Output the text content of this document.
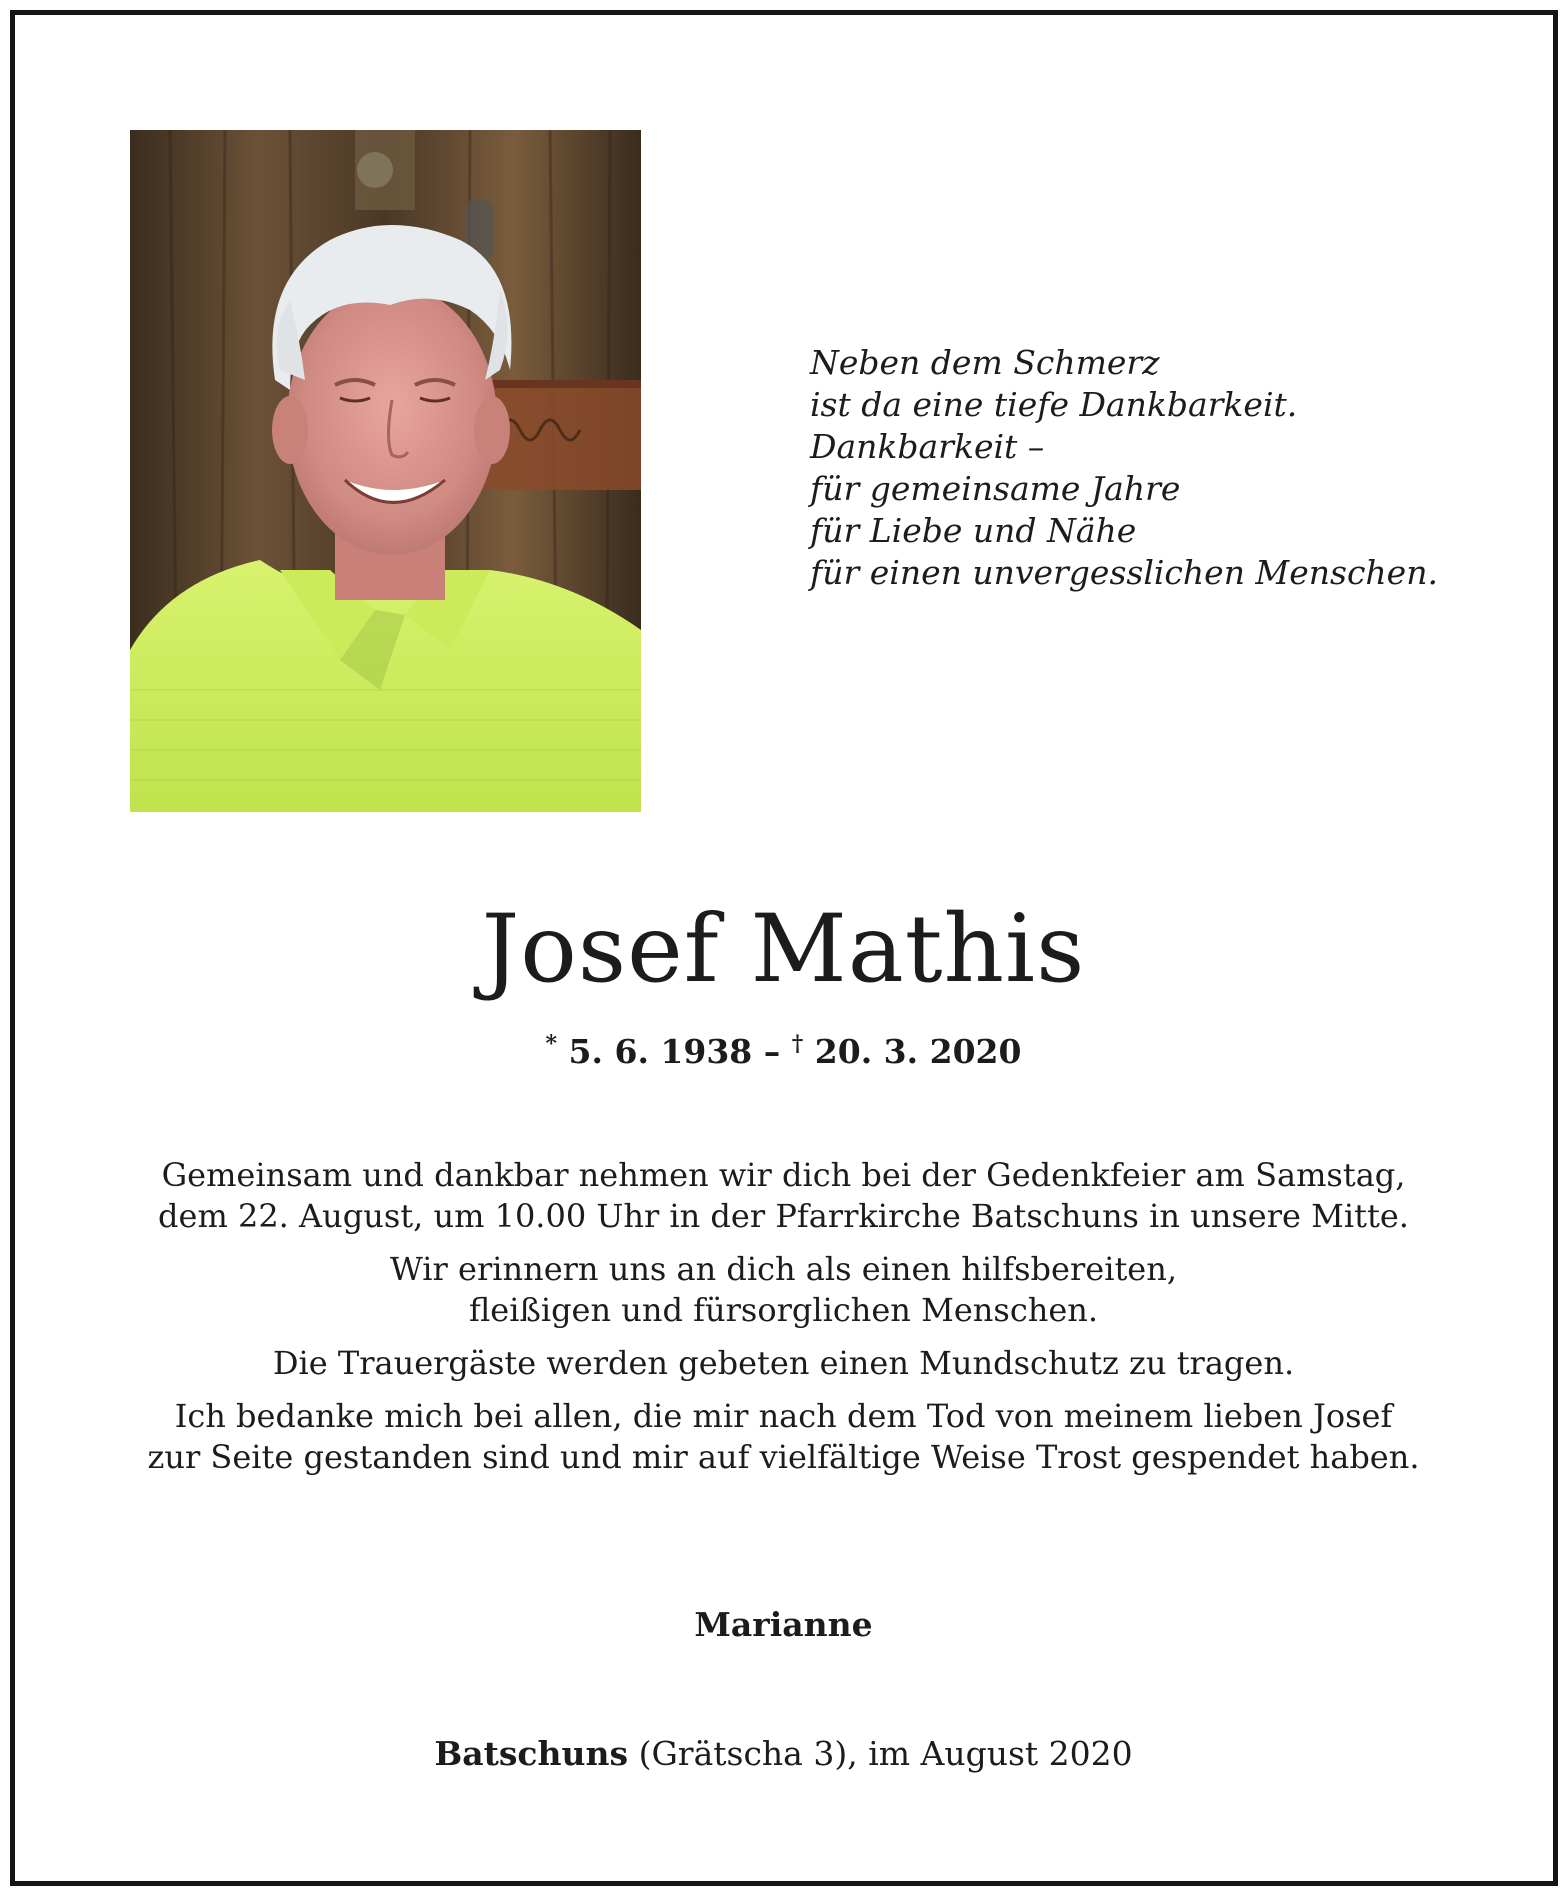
Neben dem Schmerz
ist da eine tiefe Dankbarkeit.
Dankbarkeit –
für gemeinsame Jahre
für Liebe und Nähe
für einen unvergesslichen Menschen.
Josef Mathis
* 5. 6. 1938 – † 20. 3. 2020

Gemeinsam und dankbar nehmen wir dich bei der Gedenkfeier am Samstag,
dem 22. August, um 10.00 Uhr in der Pfarrkirche Batschuns in unsere Mitte.

Wir erinnern uns an dich als einen hilfsbereiten,
fleißigen und fürsorglichen Menschen.

Die Trauergäste werden gebeten einen Mundschutz zu tragen.

Ich bedanke mich bei allen, die mir nach dem Tod von meinem lieben Josef
zur Seite gestanden sind und mir auf vielfältige Weise Trost gespendet haben.

Marianne
Batschuns (Grätscha 3), im August 2020
